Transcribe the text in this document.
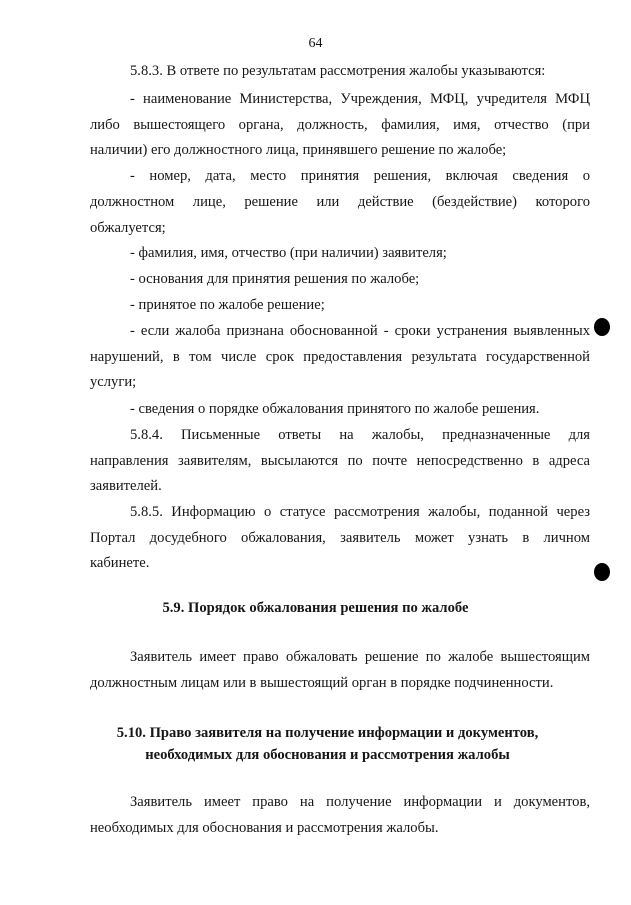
64
5.8.3. В ответе по результатам рассмотрения жалобы указываются:
- наименование Министерства, Учреждения, МФЦ, учредителя МФЦ
либо вышестоящего органа, должность, фамилия, имя, отчество (при
наличии) его должностного лица, принявшего решение по жалобе;
- номер, дата, место принятия решения, включая сведения о
должностном лице, решение или действие (бездействие) которого
обжалуется;
- фамилия, имя, отчество (при наличии) заявителя;
- основания для принятия решения по жалобе;
- принятое по жалобе решение;
- если жалоба признана обоснованной - сроки устранения выявленных
нарушений, в том числе срок предоставления результата государственной
услуги;
- сведения о порядке обжалования принятого по жалобе решения.
5.8.4. Письменные ответы на жалобы, предназначенные для
направления заявителям, высылаются по почте непосредственно в адреса
заявителей.
5.8.5. Информацию о статусе рассмотрения жалобы, поданной через
Портал досудебного обжалования, заявитель может узнать в личном
кабинете.
5.9. Порядок обжалования решения по жалобе
Заявитель имеет право обжаловать решение по жалобе вышестоящим
должностным лицам или в вышестоящий орган в порядке подчиненности.
5.10. Право заявителя на получение информации и документов,
необходимых для обоснования и рассмотрения жалобы
Заявитель имеет право на получение информации и документов,
необходимых для обоснования и рассмотрения жалобы.
